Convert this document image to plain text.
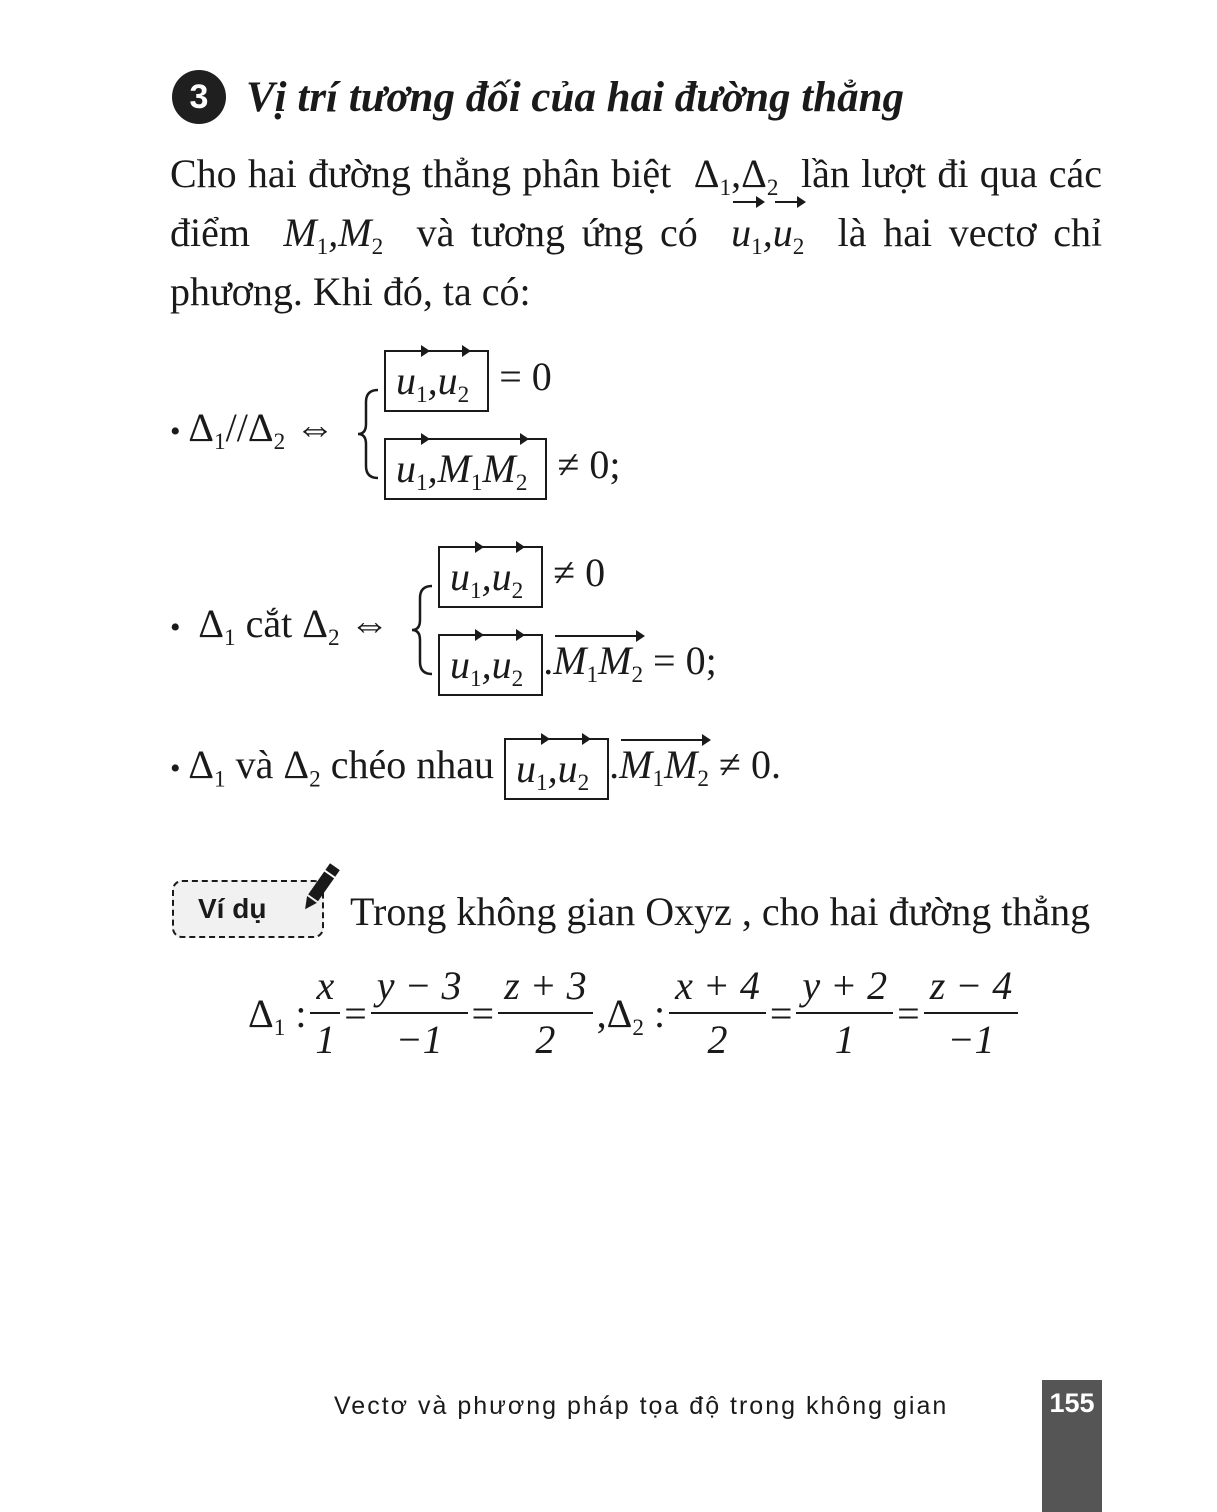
3 Vị trí tương đối của hai đường thẳng

Cho hai đường thẳng phân biệt  $\Delta_1,\Delta_2$ lần lượt đi qua các điểm  $M_1,M_2$ và tương ứng có $u_1,u_2$ là hai vectơ chỉ phương. Khi đó, ta có:

• $\Delta_1//\Delta_2$ ⇔
$u_1,u_2 = 0$
$u_1,M_1M_2 \ne 0$;
•  $\Delta_1$ cắt $\Delta_2$ ⇔
$u_1,u_2 \ne 0$
$u_1,u_2$ $.M_1M_2 = 0$;
• $\Delta_1$ và $\Delta_2$ chéo nhau $u_1,u_2$ $.M_1M_2 \ne 0$.
Ví dụ Trong không gian Oxyz , cho hai đường thẳng
$\Delta_1$ : $\frac{x}{1} = \frac{y - 3}{-1} = \frac{z + 3}{2} ,\Delta_2$ : $\frac{x + 4}{2} = \frac{y + 2}{1} = \frac{z - 4}{-1}$
Vectơ và phương pháp tọa độ trong không gian	155
